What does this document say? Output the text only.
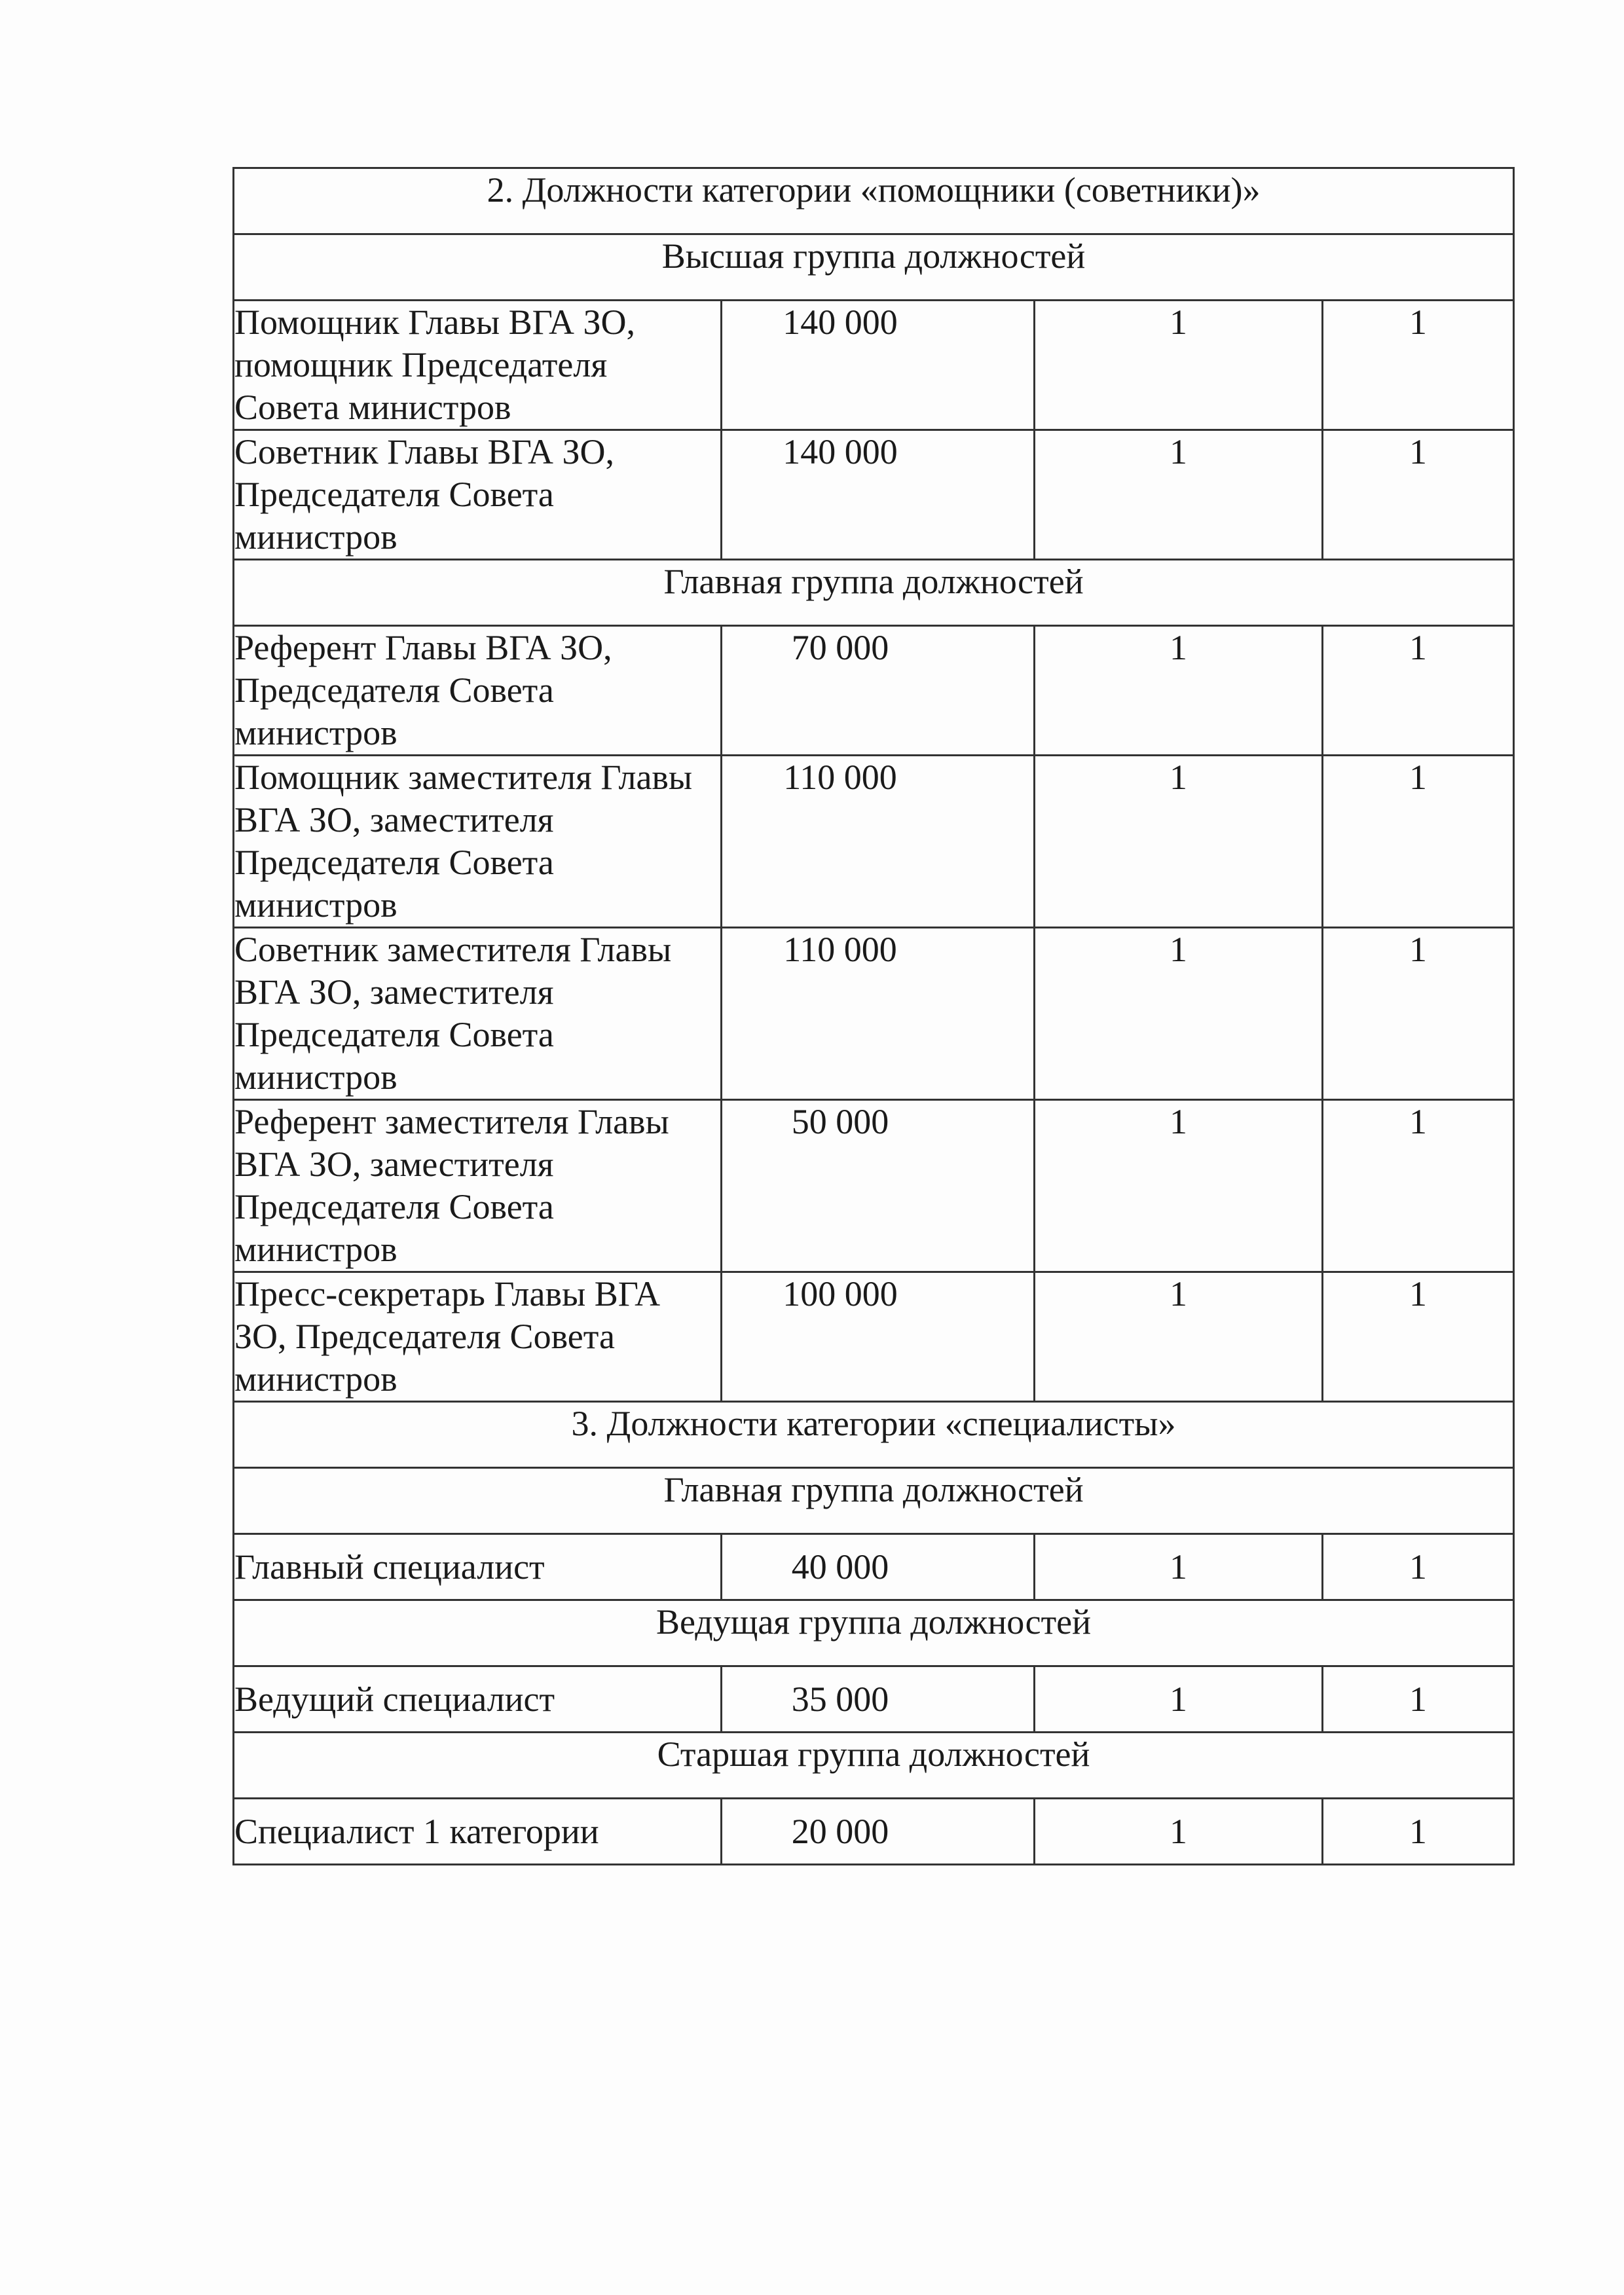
2. Должности категории «помощники (советники)»			
Высшая группа должностей			
Помощник Главы ВГА ЗО, помощник Председателя Совета министров	140 000	1	1
Советник Главы ВГА ЗО, Председателя Совета министров	140 000	1	1
Главная группа должностей			
Референт Главы ВГА ЗО, Председателя Совета министров	70 000	1	1
Помощник заместителя Главы ВГА ЗО, заместителя Председателя Совета министров	110 000	1	1
Советник заместителя Главы ВГА ЗО, заместителя Председателя Совета министров	110 000	1	1
Референт заместителя Главы ВГА ЗО, заместителя Председателя Совета министров	50 000	1	1
Пресс-секретарь Главы ВГА ЗО, Председателя Совета министров	100 000	1	1
3. Должности категории «специалисты»			
Главная группа должностей			
Главный специалист	40 000	1	1
Ведущая группа должностей			
Ведущий специалист	35 000	1	1
Старшая группа должностей			
Специалист 1 категории	20 000	1	1
